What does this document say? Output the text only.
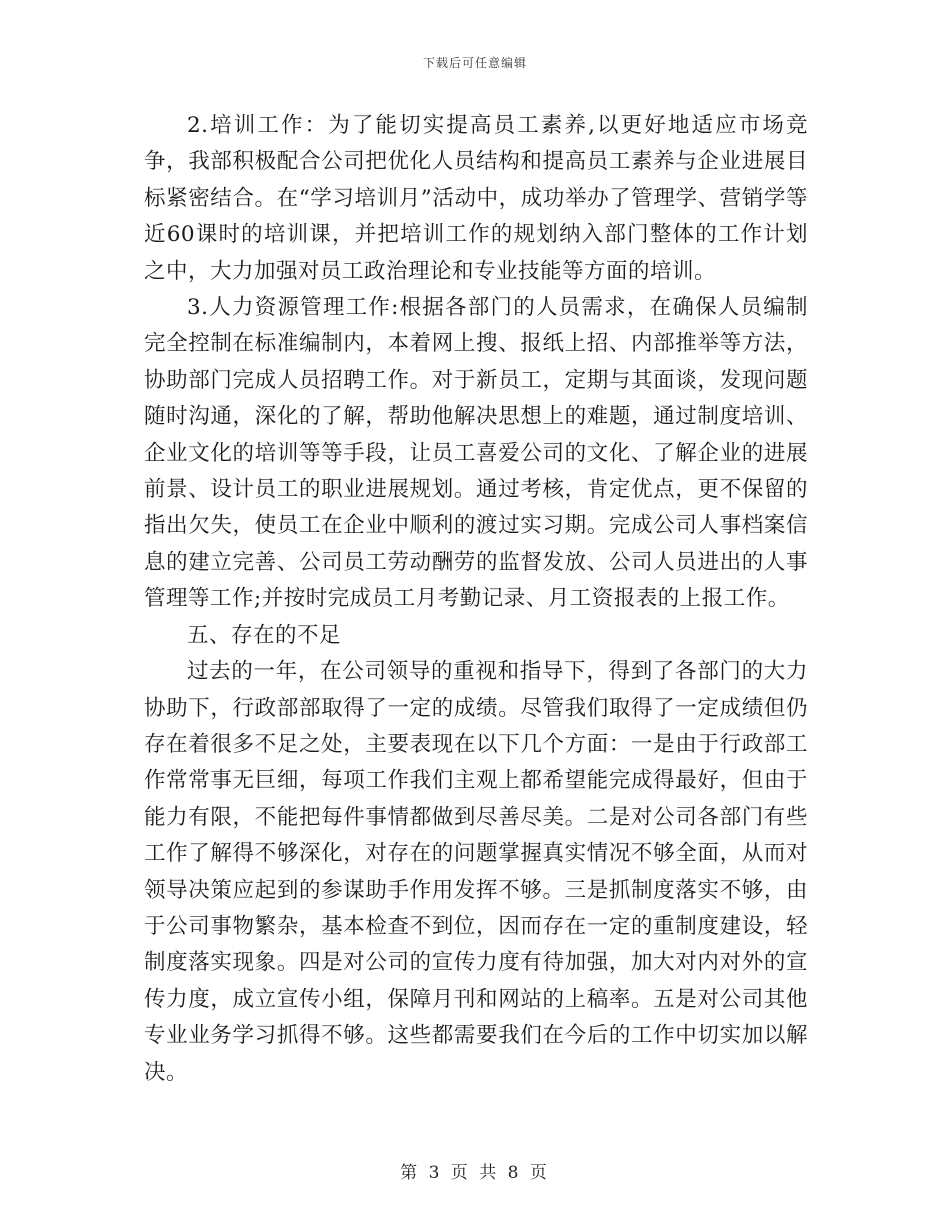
下载后可任意编辑

2.培训工作：为了能切实提高员工素养,以更好地适应市场竞争，我部积极配合公司把优化人员结构和提高员工素养与企业进展目标紧密结合。在“学习培训月”活动中，成功举办了管理学、营销学等近60课时的培训课，并把培训工作的规划纳入部门整体的工作计划之中，大力加强对员工政治理论和专业技能等方面的培训。

3.人力资源管理工作:根据各部门的人员需求，在确保人员编制完全控制在标准编制内，本着网上搜、报纸上招、内部推举等方法，协助部门完成人员招聘工作。对于新员工，定期与其面谈，发现问题随时沟通，深化的了解，帮助他解决思想上的难题，通过制度培训、企业文化的培训等等手段，让员工喜爱公司的文化、了解企业的进展前景、设计员工的职业进展规划。通过考核，肯定优点，更不保留的指出欠失，使员工在企业中顺利的渡过实习期。完成公司人事档案信息的建立完善、公司员工劳动酬劳的监督发放、公司人员进出的人事管理等工作;并按时完成员工月考勤记录、月工资报表的上报工作。

五、存在的不足

过去的一年，在公司领导的重视和指导下，得到了各部门的大力协助下，行政部部取得了一定的成绩。尽管我们取得了一定成绩但仍存在着很多不足之处，主要表现在以下几个方面：一是由于行政部工作常常事无巨细，每项工作我们主观上都希望能完成得最好，但由于能力有限，不能把每件事情都做到尽善尽美。二是对公司各部门有些工作了解得不够深化，对存在的问题掌握真实情况不够全面，从而对领导决策应起到的参谋助手作用发挥不够。三是抓制度落实不够，由于公司事物繁杂，基本检查不到位，因而存在一定的重制度建设，轻制度落实现象。四是对公司的宣传力度有待加强，加大对内对外的宣传力度，成立宣传小组，保障月刊和网站的上稿率。五是对公司其他专业业务学习抓得不够。这些都需要我们在今后的工作中切实加以解决。

第 3 页 共 8 页
